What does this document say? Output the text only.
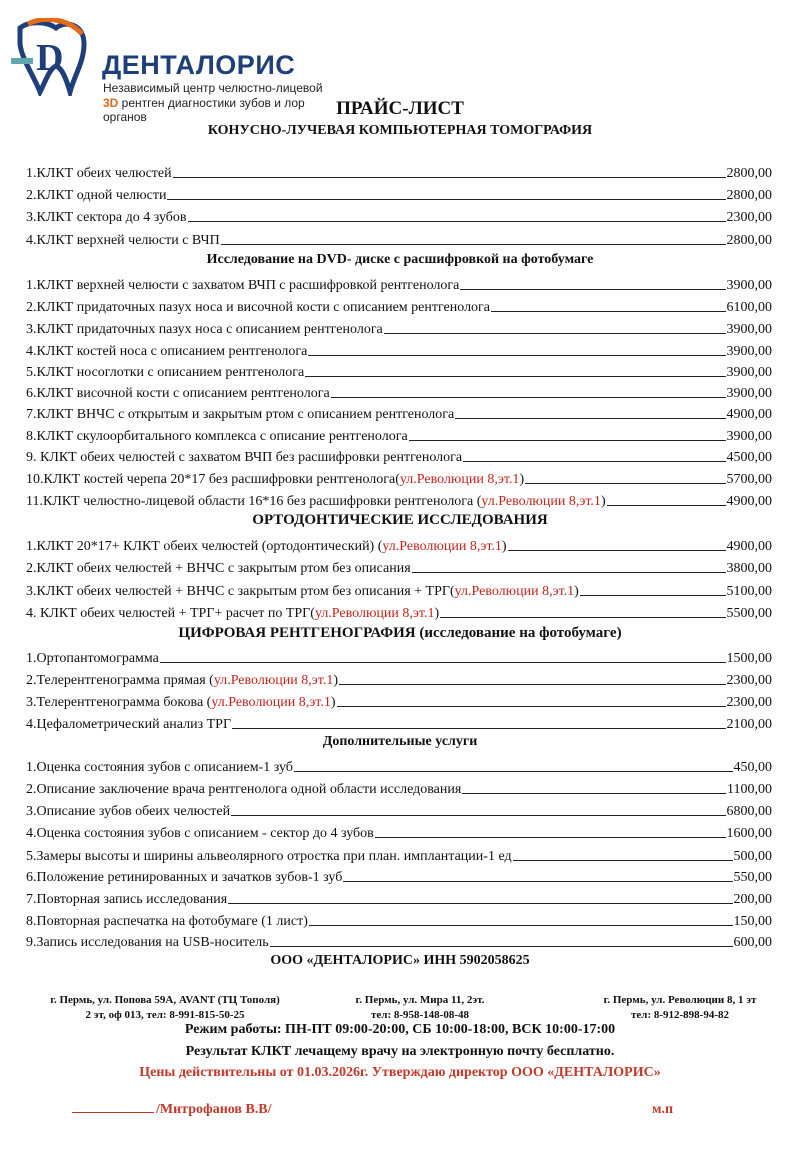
D ДЕНТАЛОРИС
Независимый центр челюстно-лицевой
3D рентген диагностики зубов и лор органов	ПРАЙС-ЛИСТ
КОНУСНО-ЛУЧЕВАЯ КОМПЬЮТЕРНАЯ ТОМОГРАФИЯ
1.КЛКТ обеих челюстей	2800,00
2.КЛКТ одной челюсти	2800,00
3.КЛКТ сектора до 4 зубов	2300,00
4.КЛКТ верхней челюсти с ВЧП	2800,00
Исследование на DVD- диске с расшифровкой на фотобумаге
1.КЛКТ верхней челюсти с захватом ВЧП с расшифровкой рентгенолога	3900,00
2.КЛКТ придаточных пазух носа и височной кости с описанием рентгенолога	6100,00
3.КЛКТ придаточных пазух носа с описанием рентгенолога	3900,00
4.КЛКТ костей носа с описанием рентгенолога	3900,00
5.КЛКТ носоглотки с описанием рентгенолога	3900,00
6.КЛКТ височной кости с описанием рентгенолога	3900,00
7.КЛКТ ВНЧС с открытым и закрытым ртом с описанием рентгенолога	4900,00
8.КЛКТ скулоорбитального комплекса с описание рентгенолога	3900,00
9. КЛКТ обеих челюстей с захватом ВЧП без расшифровки рентгенолога	4500,00
10.КЛКТ костей черепа 20*17 без расшифровки рентгенолога(ул.Революции 8,эт.1)	5700,00
11.КЛКТ челюстно-лицевой области 16*16 без расшифровки рентгенолога (ул.Революции 8,эт.1)	4900,00
ОРТОДОНТИЧЕСКИЕ ИССЛЕДОВАНИЯ
1.КЛКТ 20*17+ КЛКТ обеих челюстей (ортодонтический) (ул.Революции 8,эт.1)	4900,00
2.КЛКТ обеих челюстей + ВНЧС с закрытым ртом без описания	3800,00
3.КЛКТ обеих челюстей + ВНЧС с закрытым ртом без описания + ТРГ(ул.Революции 8,эт.1)	5100,00
4. КЛКТ обеих челюстей + ТРГ+ расчет по ТРГ(ул.Революции 8,эт.1)	5500,00
ЦИФРОВАЯ РЕНТГЕНОГРАФИЯ (исследование на фотобумаге)
1.Ортопантомограмма	1500,00
2.Телерентгенограмма прямая (ул.Революции 8,эт.1)	2300,00
3.Телерентгенограмма бокова (ул.Революции 8,эт.1)	2300,00
4.Цефалометрический анализ ТРГ	2100,00
Дополнительные услуги
1.Оценка состояния зубов с описанием-1 зуб	450,00
2.Описание заключение врача рентгенолога одной области исследования	1100,00
3.Описание зубов обеих челюстей	6800,00
4.Оценка состояния зубов с описанием - сектор до 4 зубов	1600,00
5.Замеры высоты и ширины альвеолярного отростка при план. имплантации-1 ед	500,00
6.Положение ретинированных и зачатков зубов-1 зуб	550,00
7.Повторная запись исследования	200,00
8.Повторная распечатка на фотобумаге (1 лист)	150,00
9.Запись исследования на USB-носитель	600,00
ООО «ДЕНТАЛОРИС» ИНН 5902058625
г. Пермь, ул. Попова 59А, AVANT (ТЦ Тополя)
2 эт, оф 013, тел: 8-991-815-50-25
г. Пермь, ул. Мира 11, 2эт.
тел: 8-958-148-08-48
г. Пермь, ул. Революции 8, 1 эт
тел: 8-912-898-94-82
Режим работы: ПН-ПТ 09:00-20:00, СБ 10:00-18:00, ВСК 10:00-17:00
Результат КЛКТ лечащему врачу на электронную почту бесплатно.
Цены действительны от 01.03.2026г. Утверждаю директор ООО «ДЕНТАЛОРИС»
/Митрофанов В.В/	м.п
